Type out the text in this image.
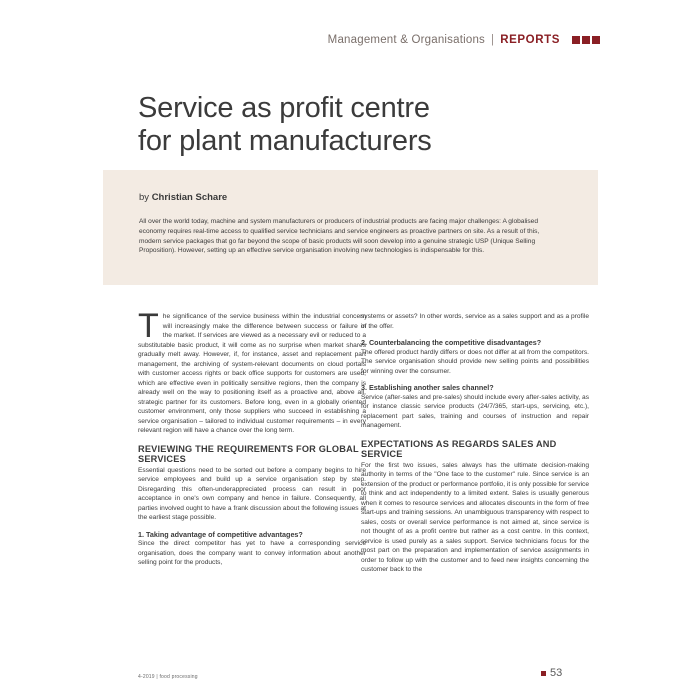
Management & Organisations | REPORTS
Service as profit centre
for plant manufacturers
by Christian Schare

All over the world today, machine and system manufacturers or producers of industrial products are facing major challenges: A globalised economy requires real-time access to qualified service technicians and service engineers as proactive partners on site. As a result of this, modern service packages that go far beyond the scope of basic products will soon develop into a genuine strategic USP (Unique Selling Proposition). However, setting up an effective service organisation involving new technologies is indispensable for this.

The significance of the service business within the industrial concern will increasingly make the difference between success or failure in the market. If services are viewed as a necessary evil or reduced to a substitutable basic product, it will come as no surprise when market shares gradually melt away. However, if, for instance, asset and replacement part management, the archiving of system-relevant documents on cloud portals with customer access rights or back office supports for customers are used, which are effective even in politically sensitive regions, then the company is already well on the way to positioning itself as a proactive and, above all, strategic partner for its customers. Before long, even in a globally oriented customer environment, only those suppliers who succeed in establishing a service organisation – tailored to individual customer requirements – in every relevant region will have a chance over the long term.

REVIEWING THE REQUIREMENTS FOR GLOBAL SERVICES

Essential questions need to be sorted out before a company begins to hire service employees and build up a service organisation step by step. Disregarding this often-underappreciated process can result in poor acceptance in one's own company and hence in failure. Consequently, all parties involved ought to have a frank discussion about the following issues at the earliest stage possible.

1. Taking advantage of competitive advantages?

Since the direct competitor has yet to have a corresponding service organisation, does the company want to convey information about another selling point for the products,

systems or assets? In other words, service as a sales support and as a profile of the offer.

2. Counterbalancing the competitive disadvantages?

The offered product hardly differs or does not differ at all from the competitors. The service organisation should provide new selling points and possibilities for winning over the consumer.

3. Establishing another sales channel?

Service (after-sales and pre-sales) should include every after-sales activity, as for instance classic service products (24/7/365, start-ups, servicing, etc.), replacement part sales, training and courses of instruction and repair management.

EXPECTATIONS AS REGARDS SALES AND SERVICE

For the first two issues, sales always has the ultimate decision-making authority in terms of the "One face to the customer" rule. Since service is an extension of the product or performance portfolio, it is only possible for service to think and act independently to a limited extent. Sales is usually generous when it comes to resource services and allocates discounts in the form of free start-ups and training sessions. An unambiguous transparency with respect to sales, costs or overall service performance is not aimed at, since service is not thought of as a profit centre but rather as a cost centre. In this context, service is used purely as a sales support. Service technicians focus for the most part on the preparation and implementation of service assignments in order to follow up with the customer and to feed new insights concerning the customer back to the

4-2019 | food processing	53
